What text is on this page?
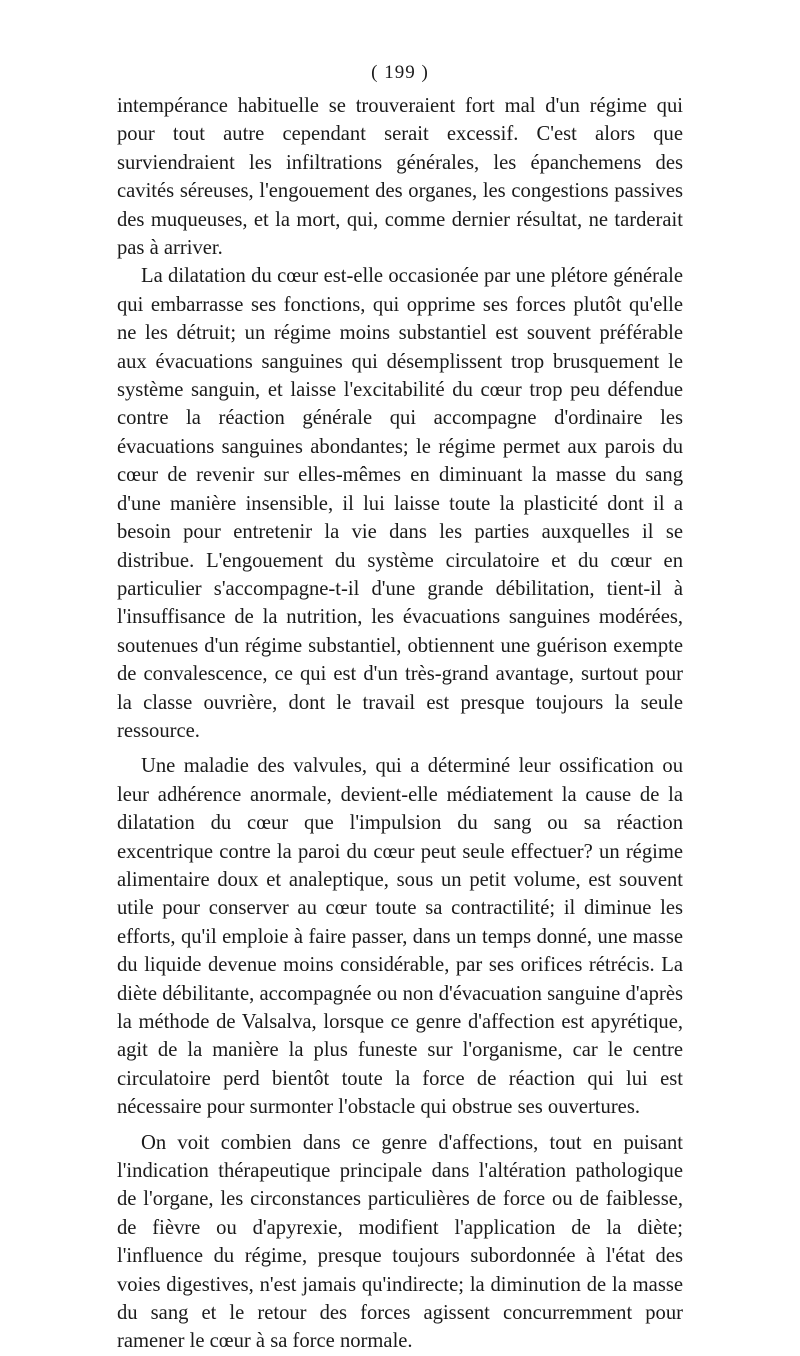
( 199 )

intempérance habituelle se trouveraient fort mal d'un régime qui pour tout autre cependant serait excessif. C'est alors que surviendraient les infiltrations générales, les épanchemens des cavités séreuses, l'engouement des organes, les congestions passives des muqueuses, et la mort, qui, comme dernier résultat, ne tarderait pas à arriver.

La dilatation du cœur est-elle occasionée par une plétore générale qui embarrasse ses fonctions, qui opprime ses forces plutôt qu'elle ne les détruit; un régime moins substantiel est souvent préférable aux évacuations sanguines qui désemplissent trop brusquement le système sanguin, et laisse l'excitabilité du cœur trop peu défendue contre la réaction générale qui accompagne d'ordinaire les évacuations sanguines abondantes; le régime permet aux parois du cœur de revenir sur elles-mêmes en diminuant la masse du sang d'une manière insensible, il lui laisse toute la plasticité dont il a besoin pour entretenir la vie dans les parties auxquelles il se distribue. L'engouement du système circulatoire et du cœur en particulier s'accompagne-t-il d'une grande débilitation, tient-il à l'insuffisance de la nutrition, les évacuations sanguines modérées, soutenues d'un régime substantiel, obtiennent une guérison exempte de convalescence, ce qui est d'un très-grand avantage, surtout pour la classe ouvrière, dont le travail est presque toujours la seule ressource.

Une maladie des valvules, qui a déterminé leur ossification ou leur adhérence anormale, devient-elle médiatement la cause de la dilatation du cœur que l'impulsion du sang ou sa réaction excentrique contre la paroi du cœur peut seule effectuer? un régime alimentaire doux et analeptique, sous un petit volume, est souvent utile pour conserver au cœur toute sa contractilité; il diminue les efforts, qu'il emploie à faire passer, dans un temps donné, une masse du liquide devenue moins considérable, par ses orifices rétrécis. La diète débilitante, accompagnée ou non d'évacuation sanguine d'après la méthode de Valsalva, lorsque ce genre d'affection est apyrétique, agit de la manière la plus funeste sur l'organisme, car le centre circulatoire perd bientôt toute la force de réaction qui lui est nécessaire pour surmonter l'obstacle qui obstrue ses ouvertures.

On voit combien dans ce genre d'affections, tout en puisant l'indication thérapeutique principale dans l'altération pathologique de l'organe, les circonstances particulières de force ou de faiblesse, de fièvre ou d'apyrexie, modifient l'application de la diète; l'influence du régime, presque toujours subordonnée à l'état des voies digestives, n'est jamais qu'indirecte; la diminution de la masse du sang et le retour des forces agissent concurremment pour ramener le cœur à sa force normale.
